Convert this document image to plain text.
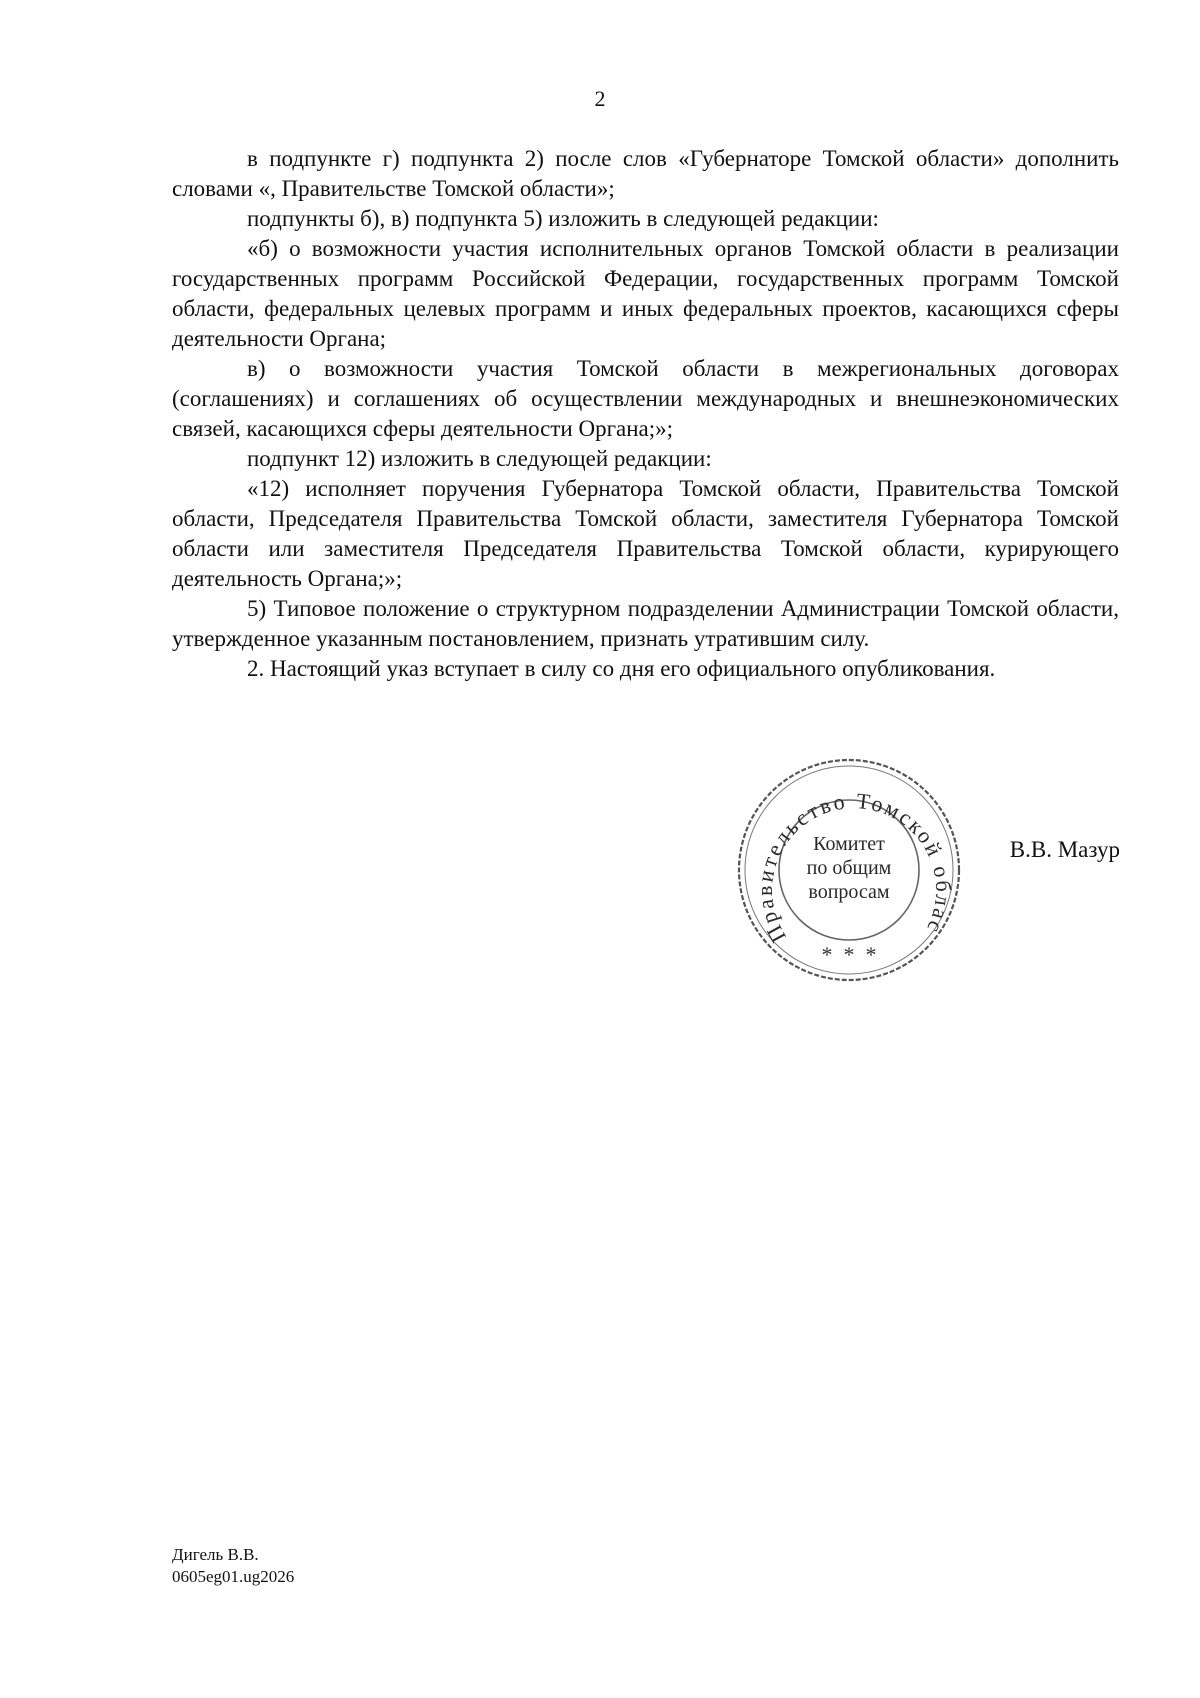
2

в подпункте г) подпункта 2) после слов «Губернаторе Томской области» дополнить словами «, Правительстве Томской области»;

подпункты б), в) подпункта 5) изложить в следующей редакции:

«б) о возможности участия исполнительных органов Томской области в реализации государственных программ Российской Федерации, государственных программ Томской области, федеральных целевых программ и иных федеральных проектов, касающихся сферы деятельности Органа;

в) о возможности участия Томской области в межрегиональных договорах (соглашениях) и соглашениях об осуществлении международных и внешнеэкономических связей, касающихся сферы деятельности Органа;»;

подпункт 12) изложить в следующей редакции:

«12) исполняет поручения Губернатора Томской области, Правительства Томской области, Председателя Правительства Томской области, заместителя Губернатора Томской области или заместителя Председателя Правительства Томской области, курирующего деятельность Органа;»;

5) Типовое положение о структурном подразделении Администрации Томской области, утвержденное указанным постановлением, признать утратившим силу.

2. Настоящий указ вступает в силу со дня его официального опубликования.

Правительство Томской облас
*  *  *
Комитет
по общим
вопросам
В.В. Мазур
Дигель В.В.
0605eg01.ug2026
